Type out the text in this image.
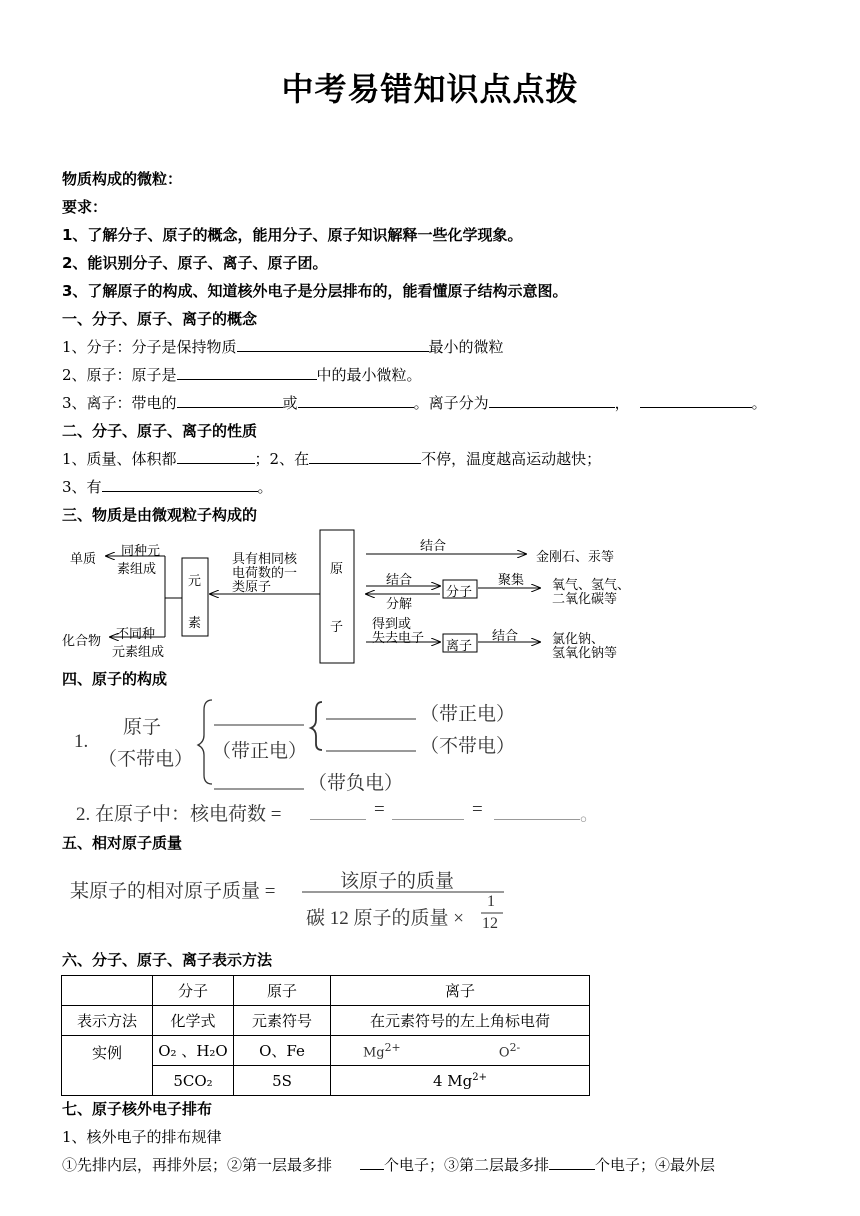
中考易错知识点点拨
物质构成的微粒：
要求：
1、了解分子、原子的概念，能用分子、原子知识解释一些化学现象。
2、能识别分子、原子、离子、原子团。
3、了解原子的构成、知道核外电子是分层排布的，能看懂原子结构示意图。
一、分子、原子、离子的概念
1、分子：分子是保持物质	最小的微粒
2、原子：原子是	中的最小微粒。
3、离子：带电的	或	。离子分为	，	。
二、分子、原子、离子的性质
1、质量、体积都	；2、在	不停，温度越高运动越快；
3、有	。
三、物质是由微观粒子构成的
单质
同种元
素组成
元
素
具有相同核
电荷数的一
类原子
化合物 不同种
元素组成
原
子
结合
金刚石、汞等
结合
分解
分子
聚集 氧气、氢气、
二氧化碳等
得到或
失去电子
离子
结合	氯化钠、
氢氧化钠等
四、原子的构成
1.
原子
（不带电） （带正电）
（带正电）
（不带电）
（带负电）
2. 在原子中：核电荷数 =	=	=	。
五、相对原子质量
某原子的相对原子质量 =	该原子的质量
碳 12 原子的质量 ×
1
12
六、分子、原子、离子表示方法
	分子	原子	离子
表示方法	化学式	元素符号	在元素符号的左上角标电荷
实例	O₂ 、H₂O	O、Fe	$Mg^{2+}$ $O^{2-}$
	5CO₂	5S	4 $Mg^{2+}$
七、原子核外电子排布
1、核外电子的排布规律
①先排内层，再排外层；②第一层最多排	个电子；③第二层最多排	个电子；④最外层
